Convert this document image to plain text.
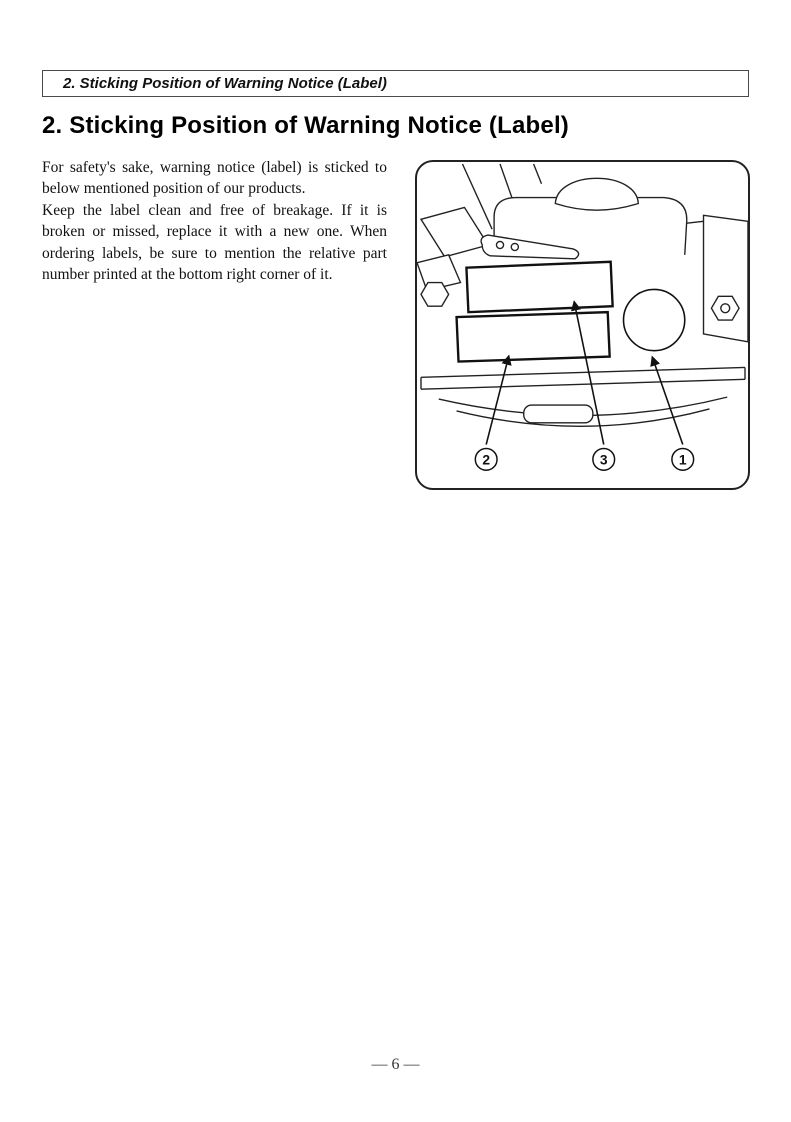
2. Sticking Position of Warning Notice (Label)
2. Sticking Position of Warning Notice (Label)

For safety's sake, warning notice (label) is sticked to below mentioned position of our products.

Keep the label clean and free of breakage. If it is broken or missed, replace it with a new one. When ordering labels, be sure to mention the relative part number printed at the bottom right corner of it.

2	3	1
— 6 —
